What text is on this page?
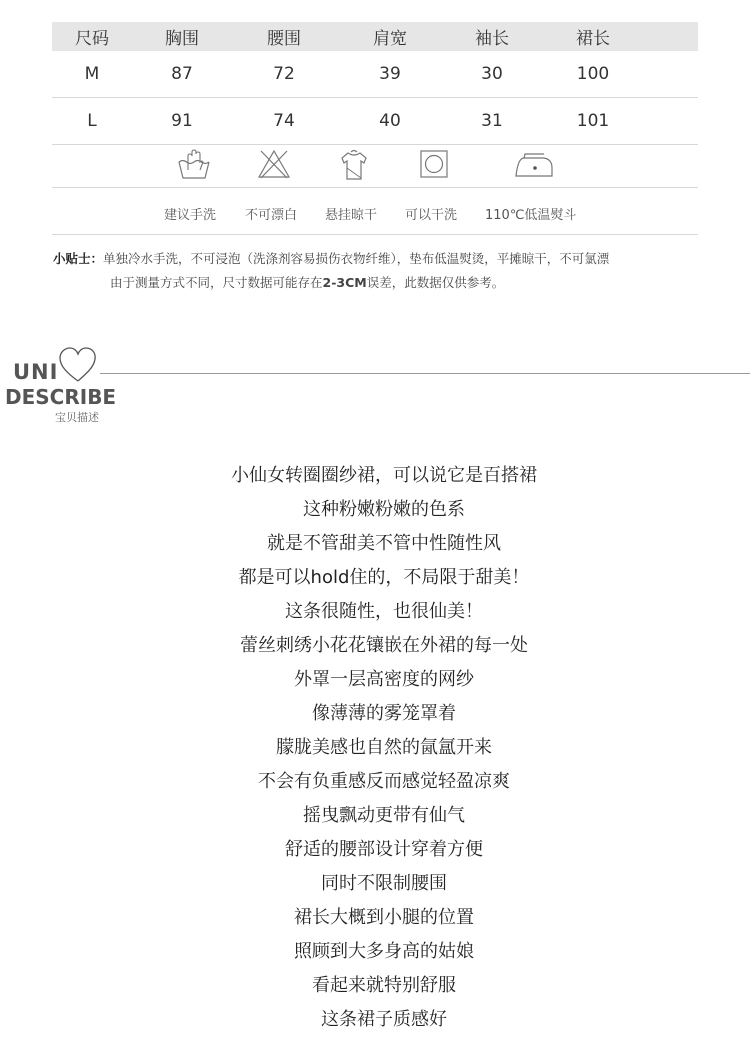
尺码	胸围	腰围	肩宽	袖长	裙长
M	87	72	39	30	100
L	91	74	40	31	101
建议手洗 不可漂白 悬挂晾干 可以干洗 110℃低温熨斗
小贴士：单独冷水手洗，不可浸泡（洗涤剂容易损伤衣物纤维），垫布低温熨烫，平摊晾干，不可氯漂
由于测量方式不同，尺寸数据可能存在2-3CM误差，此数据仅供参考。
UNI
DESCRIBE
宝贝描述
小仙女转圈圈纱裙，可以说它是百搭裙
这种粉嫩粉嫩的色系
就是不管甜美不管中性随性风
都是可以hold住的，不局限于甜美！
这条很随性，也很仙美！
蕾丝刺绣小花花镶嵌在外裙的每一处
外罩一层高密度的网纱
像薄薄的雾笼罩着
朦胧美感也自然的氤氲开来
不会有负重感反而感觉轻盈凉爽
摇曳飘动更带有仙气
舒适的腰部设计穿着方便
同时不限制腰围
裙长大概到小腿的位置
照顾到大多身高的姑娘
看起来就特别舒服
这条裙子质感好
